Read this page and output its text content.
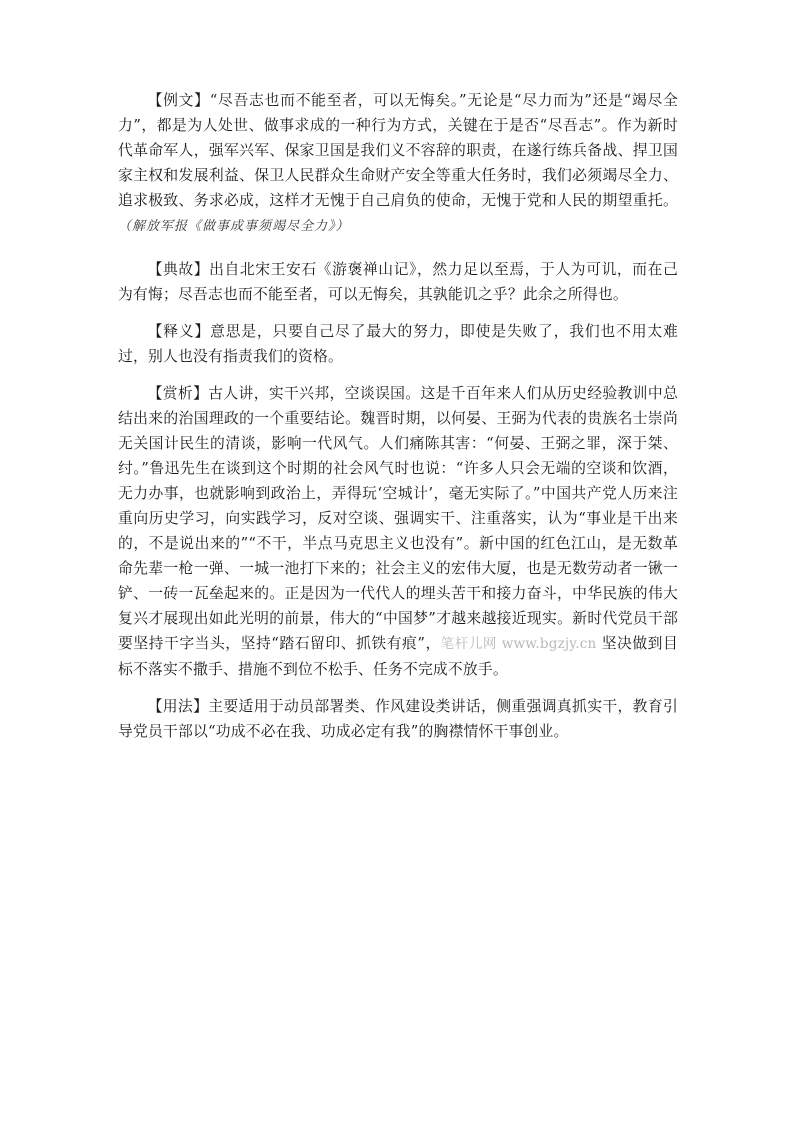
【例文】“尽吾志也而不能至者，可以无悔矣。”无论是“尽力而为”还是“竭尽全力”，都是为人处世、做事求成的一种行为方式，关键在于是否“尽吾志”。作为新时代革命军人，强军兴军、保家卫国是我们义不容辞的职责，在遂行练兵备战、捍卫国家主权和发展利益、保卫人民群众生命财产安全等重大任务时，我们必须竭尽全力、追求极致、务求必成，这样才无愧于自己肩负的使命，无愧于党和人民的期望重托。（解放军报《做事成事须竭尽全力》）

【典故】出自北宋王安石《游褒禅山记》，然力足以至焉，于人为可讥，而在己为有悔；尽吾志也而不能至者，可以无悔矣，其孰能讥之乎？此余之所得也。

【释义】意思是，只要自己尽了最大的努力，即使是失败了，我们也不用太难过，别人也没有指责我们的资格。

【赏析】古人讲，实干兴邦，空谈误国。这是千百年来人们从历史经验教训中总结出来的治国理政的一个重要结论。魏晋时期，以何晏、王弼为代表的贵族名士崇尚无关国计民生的清谈，影响一代风气。人们痛陈其害：“何晏、王弼之罪，深于桀、纣。”鲁迅先生在谈到这个时期的社会风气时也说：“许多人只会无端的空谈和饮酒，无力办事，也就影响到政治上，弄得玩‘空城计’，毫无实际了。”中国共产党人历来注重向历史学习，向实践学习，反对空谈、强调实干、注重落实，认为“事业是干出来的，不是说出来的”“不干，半点马克思主义也没有”。新中国的红色江山，是无数革命先辈一枪一弹、一城一池打下来的；社会主义的宏伟大厦，也是无数劳动者一锹一铲、一砖一瓦垒起来的。正是因为一代代人的埋头苦干和接力奋斗，中华民族的伟大复兴才展现出如此光明的前景，伟大的“中国梦”才越来越接近现实。新时代党员干部要坚持干字当头，坚持“踏石留印、抓铁有痕”，笔杆儿网 www.bgzjy.cn 坚决做到目标不落实不撒手、措施不到位不松手、任务不完成不放手。

【用法】主要适用于动员部署类、作风建设类讲话，侧重强调真抓实干，教育引导党员干部以“功成不必在我、功成必定有我”的胸襟情怀干事创业。
